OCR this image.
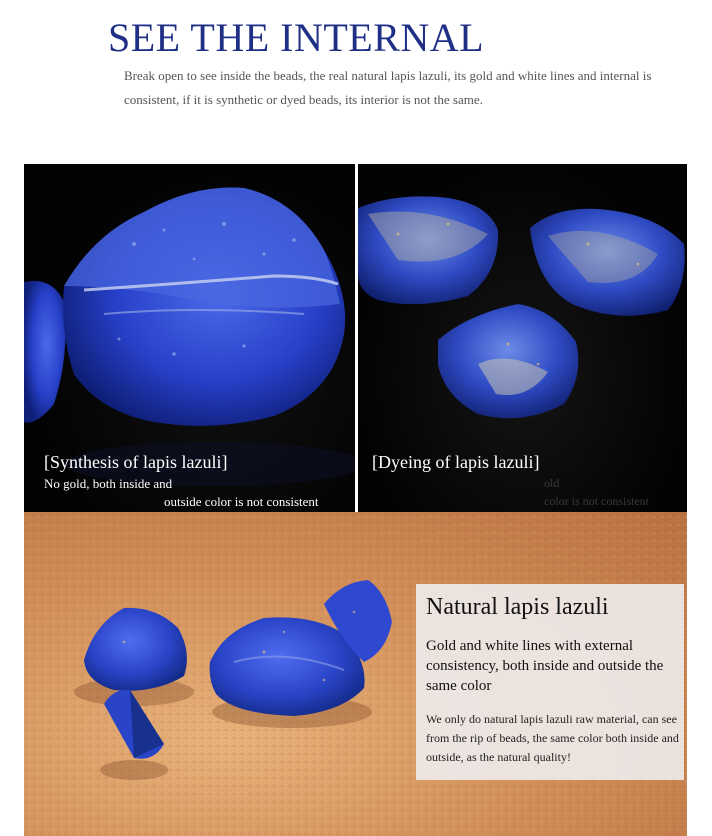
SEE THE INTERNAL
Break open to see inside the beads, the real natural lapis lazuli, its gold and white lines and internal is consistent, if it is synthetic or dyed beads, its interior is not the same.
[Synthesis of lapis lazuli]
No gold, both inside and
outside color is not consistent
[Dyeing of lapis lazuli]
old
color is not consistent
Natural lapis lazuli
Gold and white lines with external consistency, both inside and outside the same color
We only do natural lapis lazuli raw material, can see from the rip of beads, the same color both inside and outside, as the natural quality!
